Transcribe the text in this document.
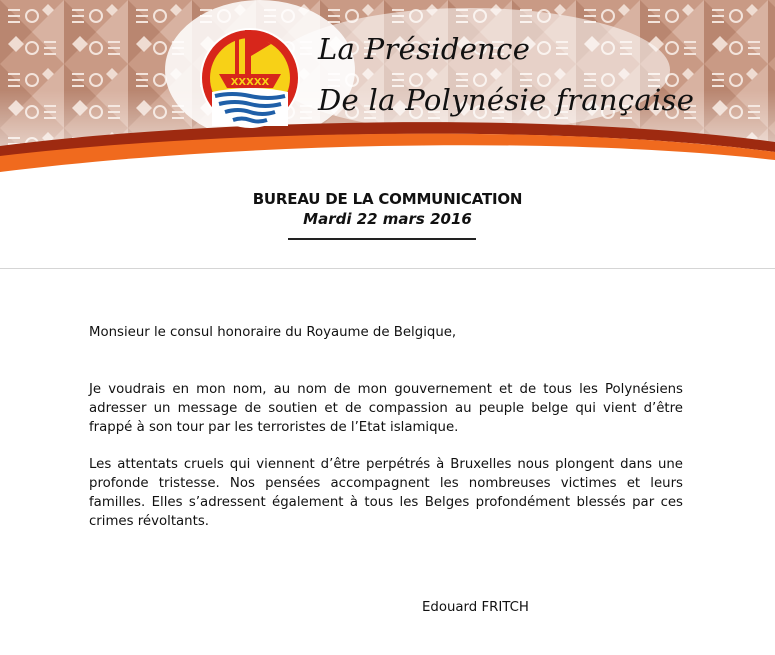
XXXXX
La Présidence
De la Polynésie française
BUREAU DE LA COMMUNICATION
Mardi 22 mars 2016
Monsieur le consul honoraire du Royaume de Belgique,
Je voudrais en mon nom, au nom de mon gouvernement et de tous les Polynésiens adresser un message de soutien et de compassion au peuple belge qui vient d’être frappé à son tour par les terroristes de l’Etat islamique.
Les attentats cruels qui viennent d’être perpétrés à Bruxelles nous plongent dans une profonde tristesse. Nos pensées accompagnent les nombreuses victimes et leurs familles. Elles s’adressent également à tous les Belges profondément blessés par ces crimes révoltants.
Edouard FRITCH
